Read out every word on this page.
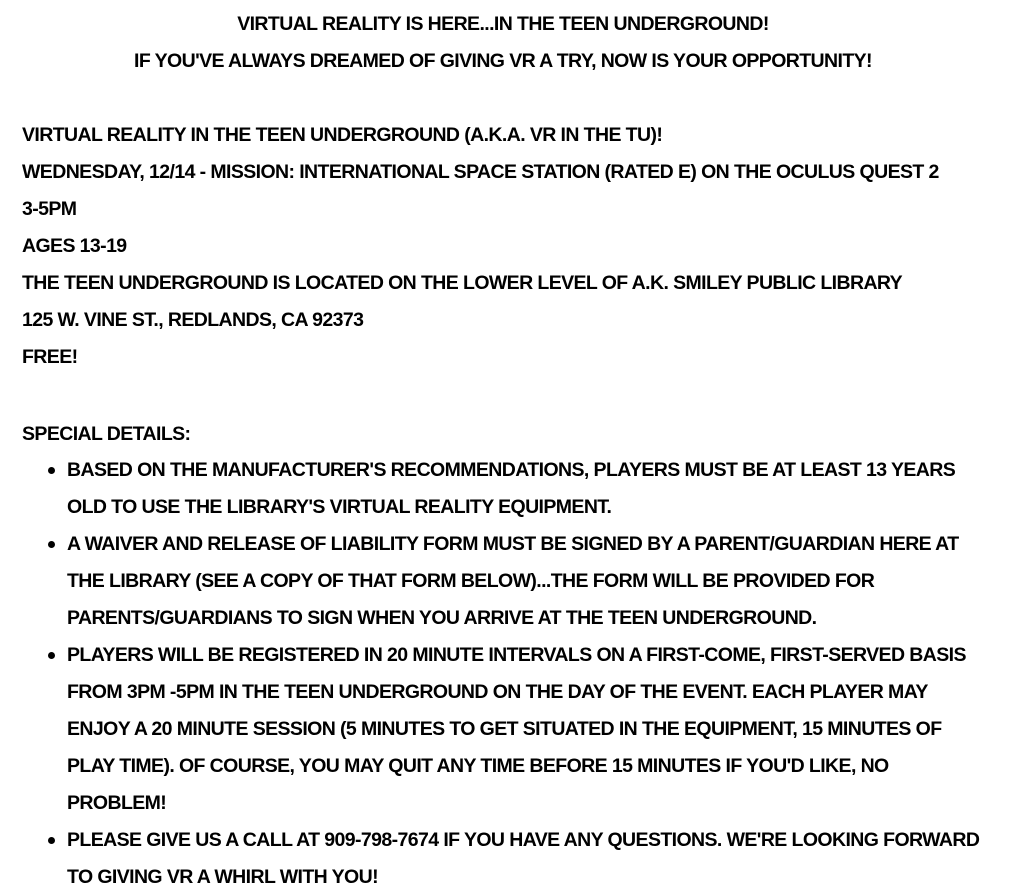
VIRTUAL REALITY IS HERE...IN THE TEEN UNDERGROUND!
IF YOU'VE ALWAYS DREAMED OF GIVING VR A TRY, NOW IS YOUR OPPORTUNITY!
VIRTUAL REALITY IN THE TEEN UNDERGROUND (A.K.A. VR IN THE TU)!
WEDNESDAY, 12/14 - MISSION: INTERNATIONAL SPACE STATION (RATED E) ON THE OCULUS QUEST 2
3-5PM
AGES 13-19
THE TEEN UNDERGROUND IS LOCATED ON THE LOWER LEVEL OF A.K. SMILEY PUBLIC LIBRARY
125 W. VINE ST., REDLANDS, CA 92373
FREE!
SPECIAL DETAILS:
BASED ON THE MANUFACTURER'S RECOMMENDATIONS, PLAYERS MUST BE AT LEAST 13 YEARS OLD TO USE THE LIBRARY'S VIRTUAL REALITY EQUIPMENT.
A WAIVER AND RELEASE OF LIABILITY FORM MUST BE SIGNED BY A PARENT/GUARDIAN HERE AT THE LIBRARY (SEE A COPY OF THAT FORM BELOW)...THE FORM WILL BE PROVIDED FOR PARENTS/GUARDIANS TO SIGN WHEN YOU ARRIVE AT THE TEEN UNDERGROUND.
PLAYERS WILL BE REGISTERED IN 20 MINUTE INTERVALS ON A FIRST-COME, FIRST-SERVED BASIS FROM 3PM -5PM IN THE TEEN UNDERGROUND ON THE DAY OF THE EVENT. EACH PLAYER MAY ENJOY A 20 MINUTE SESSION (5 MINUTES TO GET SITUATED IN THE EQUIPMENT, 15 MINUTES OF PLAY TIME). OF COURSE, YOU MAY QUIT ANY TIME BEFORE 15 MINUTES IF YOU'D LIKE, NO PROBLEM!
PLEASE GIVE US A CALL AT 909-798-7674 IF YOU HAVE ANY QUESTIONS. WE'RE LOOKING FORWARD TO GIVING VR A WHIRL WITH YOU!
